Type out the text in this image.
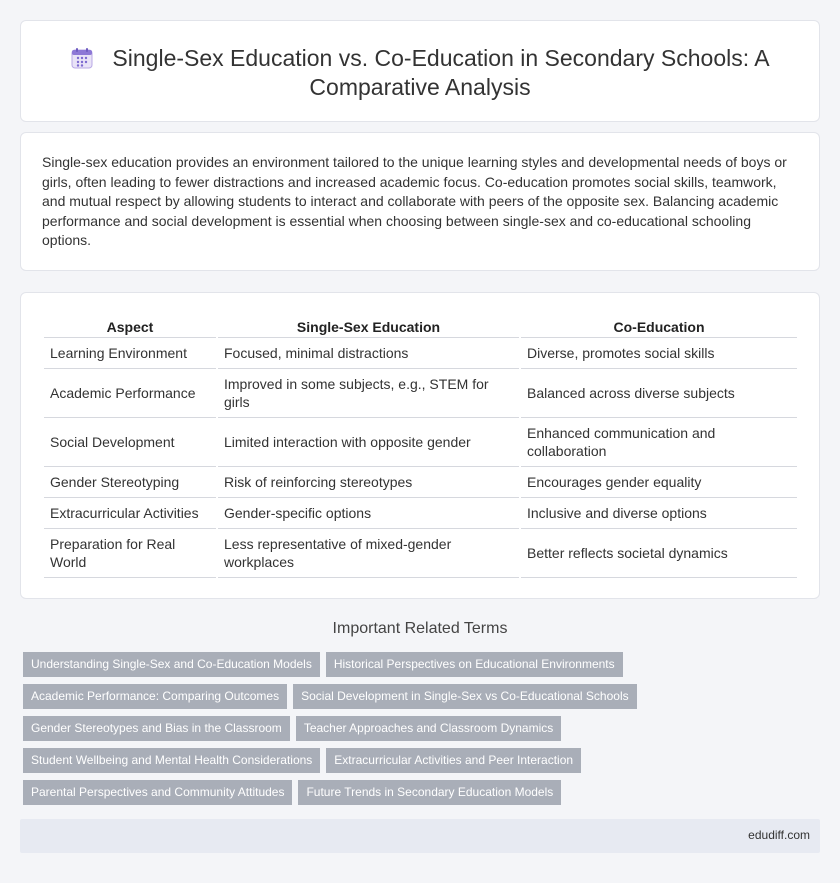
Single-Sex Education vs. Co-Education in Secondary Schools: A Comparative Analysis

Single-sex education provides an environment tailored to the unique learning styles and developmental needs of boys or girls, often leading to fewer distractions and increased academic focus. Co-education promotes social skills, teamwork, and mutual respect by allowing students to interact and collaborate with peers of the opposite sex. Balancing academic performance and social development is essential when choosing between single-sex and co-educational schooling options.

Aspect	Single-Sex Education	Co-Education
Learning Environment	Focused, minimal distractions	Diverse, promotes social skills
Academic Performance	Improved in some subjects, e.g., STEM for girls	Balanced across diverse subjects
Social Development	Limited interaction with opposite gender	Enhanced communication and collaboration
Gender Stereotyping	Risk of reinforcing stereotypes	Encourages gender equality
Extracurricular Activities	Gender-specific options	Inclusive and diverse options
Preparation for Real World	Less representative of mixed-gender workplaces	Better reflects societal dynamics
Important Related Terms
Understanding Single-Sex and Co-Education Models Historical Perspectives on Educational Environments
Academic Performance: Comparing Outcomes Social Development in Single-Sex vs Co-Educational Schools
Gender Stereotypes and Bias in the Classroom Teacher Approaches and Classroom Dynamics
Student Wellbeing and Mental Health Considerations Extracurricular Activities and Peer Interaction
Parental Perspectives and Community Attitudes Future Trends in Secondary Education Models
edudiff.com
